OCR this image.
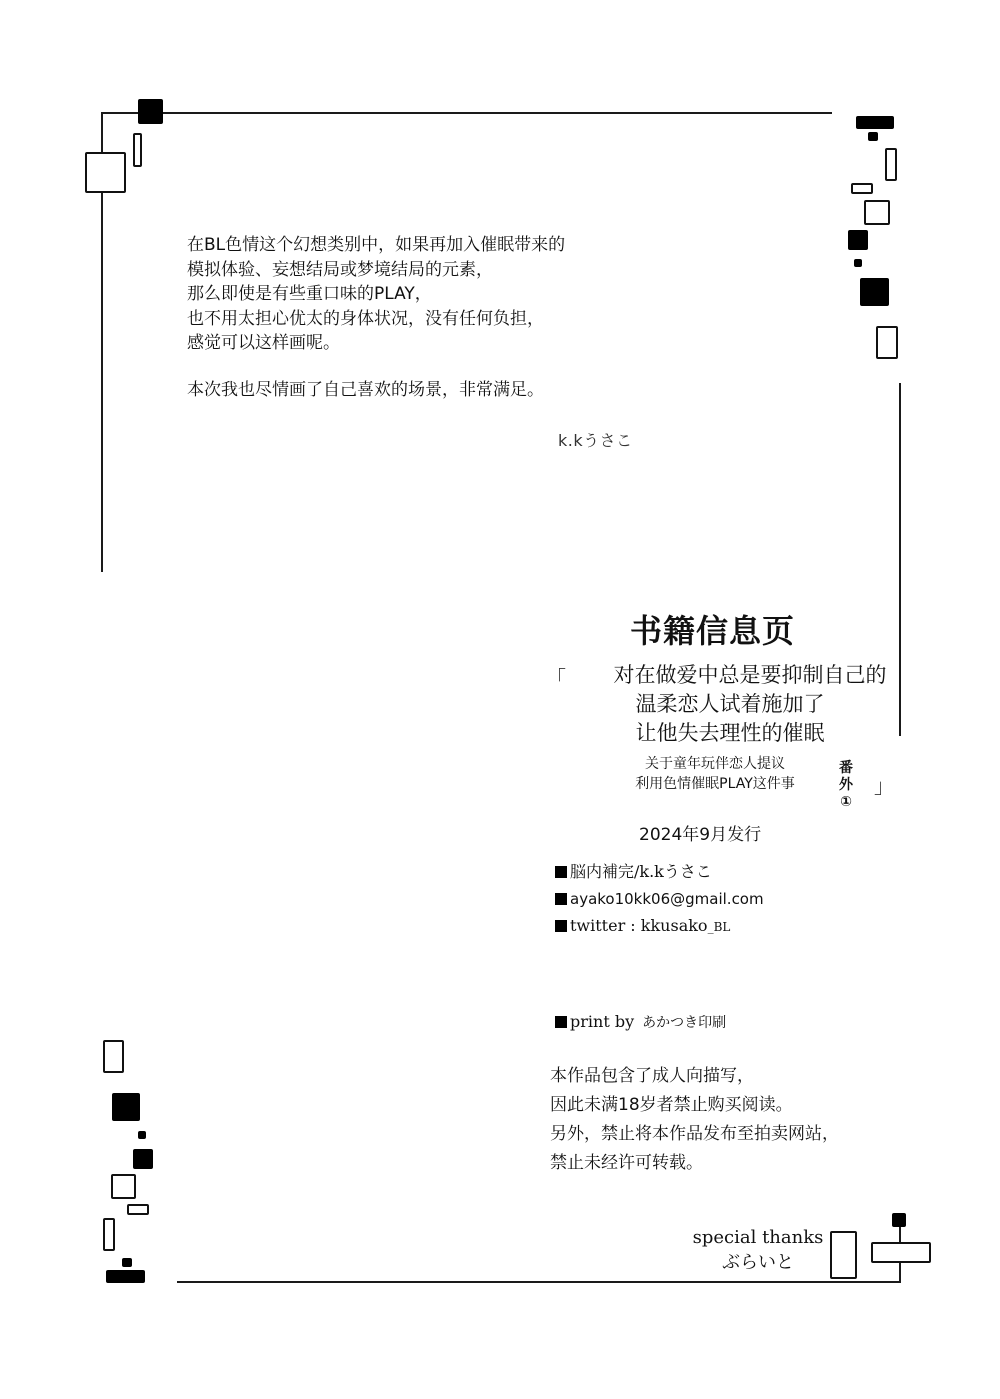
在BL色情这个幻想类别中，如果再加入催眠带来的

模拟体验、妄想结局或梦境结局的元素，

那么即使是有些重口味的PLAY，

也不用太担心优太的身体状况，没有任何负担，

感觉可以这样画呢。

本次我也尽情画了自己喜欢的场景，非常满足。

k.kうさこ
书籍信息页
「	对在做爱中总是要抑制自己的
温柔恋人试着施加了
让他失去理性的催眠
关于童年玩伴恋人提议
利用色情催眠PLAY这件事
番
外
①
」
2024年9月发行
脳内補完/k.kうさこ
ayako10kk06@gmail.com
twitter : kkusako_BL
print by あかつき印刷

本作品包含了成人向描写，

因此未满18岁者禁止购买阅读。

另外，禁止将本作品发布至拍卖网站，

禁止未经许可转载。

special thanks
ぶらいと
